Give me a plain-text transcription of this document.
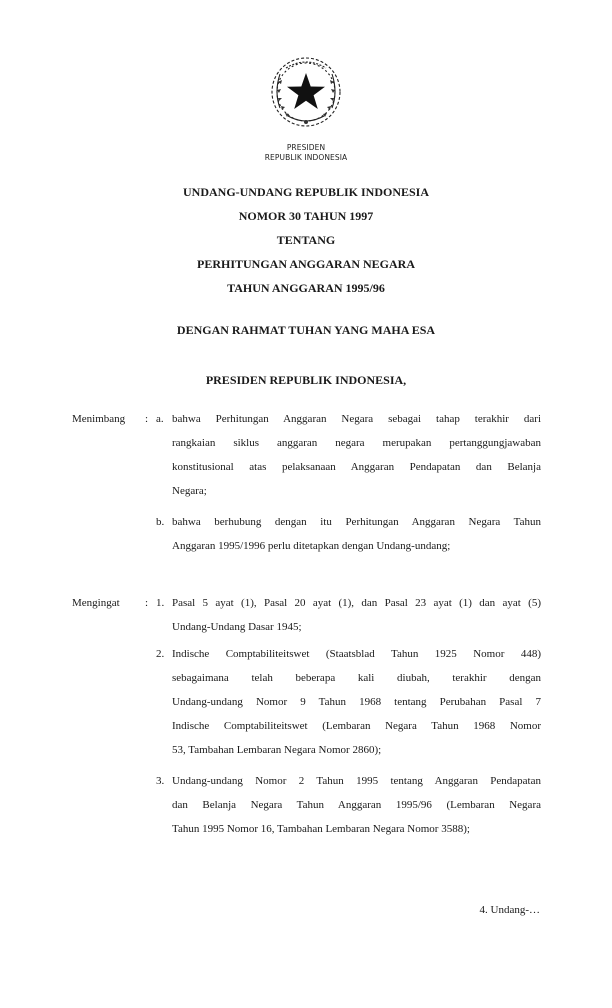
PRESIDEN
REPUBLIK INDONESIA
UNDANG-UNDANG REPUBLIK INDONESIA
NOMOR 30 TAHUN 1997
TENTANG
PERHITUNGAN ANGGARAN NEGARA
TAHUN ANGGARAN 1995/96
DENGAN RAHMAT TUHAN YANG MAHA ESA
PRESIDEN REPUBLIK INDONESIA,
Menimbang : a. bahwa Perhitungan Anggaran Negara sebagai tahap terakhir dari

rangkaian siklus anggaran negara merupakan pertanggungjawaban

konstitusional atas pelaksanaan Anggaran Pendapatan dan Belanja

Negara;

b. bahwa berhubung dengan itu Perhitungan Anggaran Negara Tahun

Anggaran 1995/1996 perlu ditetapkan dengan Undang-undang;

Mengingat : 1. Pasal 5 ayat (1), Pasal 20 ayat (1), dan Pasal 23 ayat (1) dan ayat (5)

Undang-Undang Dasar 1945;

2. Indische Comptabiliteitswet (Staatsblad Tahun 1925 Nomor 448)

sebagaimana telah beberapa kali diubah, terakhir dengan

Undang-undang Nomor 9 Tahun 1968 tentang Perubahan Pasal 7

Indische Comptabiliteitswet (Lembaran Negara Tahun 1968 Nomor

53, Tambahan Lembaran Negara Nomor 2860);

3. Undang-undang Nomor 2 Tahun 1995 tentang Anggaran Pendapatan

dan Belanja Negara Tahun Anggaran 1995/96 (Lembaran Negara

Tahun 1995 Nomor 16, Tambahan Lembaran Negara Nomor 3588);

4. Undang-…
